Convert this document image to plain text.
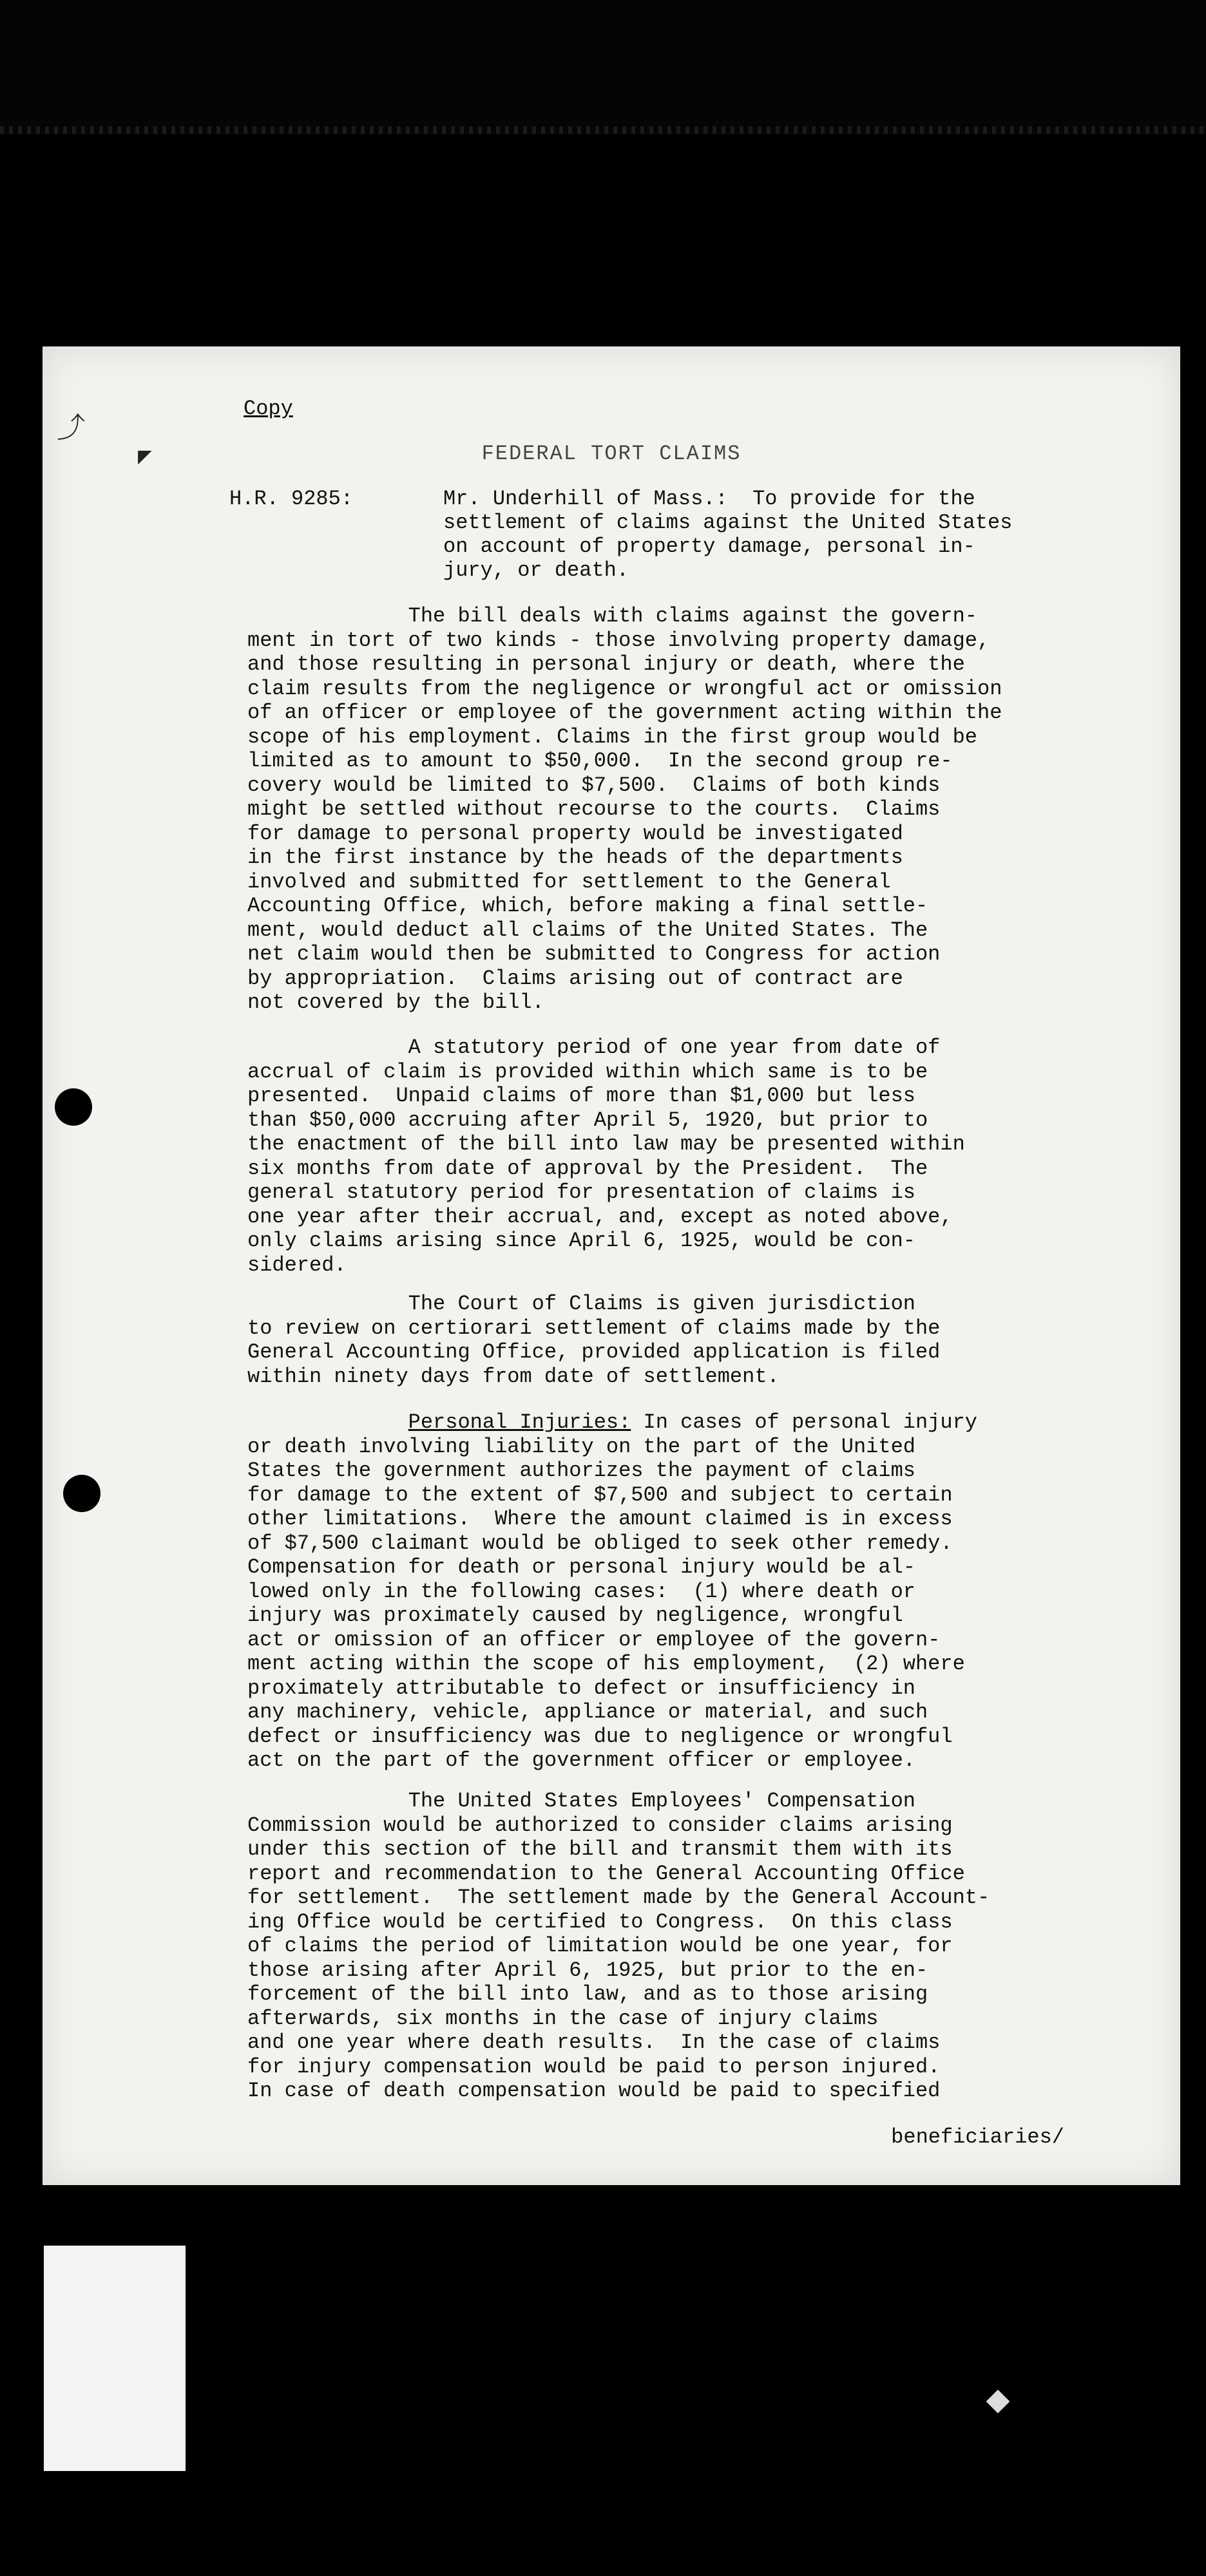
⤴
◤
Copy
FEDERAL TORT CLAIMS
H.R. 9285:	Mr. Underhill of Mass.:  To provide for the
settlement of claims against the United States
on account of property damage, personal in-
jury, or death.
The bill deals with claims against the govern-
ment in tort of two kinds - those involving property damage,
and those resulting in personal injury or death, where the
claim results from the negligence or wrongful act or omission
of an officer or employee of the government acting within the
scope of his employment. Claims in the first group would be
limited as to amount to $50,000.  In the second group re-
covery would be limited to $7,500.  Claims of both kinds
might be settled without recourse to the courts.  Claims
for damage to personal property would be investigated
in the first instance by the heads of the departments
involved and submitted for settlement to the General
Accounting Office, which, before making a final settle-
ment, would deduct all claims of the United States. The
net claim would then be submitted to Congress for action
by appropriation.  Claims arising out of contract are
not covered by the bill.
A statutory period of one year from date of
accrual of claim is provided within which same is to be
presented.  Unpaid claims of more than $1,000 but less
than $50,000 accruing after April 5, 1920, but prior to
the enactment of the bill into law may be presented within
six months from date of approval by the President.  The
general statutory period for presentation of claims is
one year after their accrual, and, except as noted above,
only claims arising since April 6, 1925, would be con-
sidered.
The Court of Claims is given jurisdiction
to review on certiorari settlement of claims made by the
General Accounting Office, provided application is filed
within ninety days from date of settlement.
Personal Injuries: In cases of personal injury
or death involving liability on the part of the United
States the government authorizes the payment of claims
for damage to the extent of $7,500 and subject to certain
other limitations.  Where the amount claimed is in excess
of $7,500 claimant would be obliged to seek other remedy.
Compensation for death or personal injury would be al-
lowed only in the following cases:  (1) where death or
injury was proximately caused by negligence, wrongful
act or omission of an officer or employee of the govern-
ment acting within the scope of his employment,  (2) where
proximately attributable to defect or insufficiency in
any machinery, vehicle, appliance or material, and such
defect or insufficiency was due to negligence or wrongful
act on the part of the government officer or employee.
The United States Employees' Compensation
Commission would be authorized to consider claims arising
under this section of the bill and transmit them with its
report and recommendation to the General Accounting Office
for settlement.  The settlement made by the General Account-
ing Office would be certified to Congress.  On this class
of claims the period of limitation would be one year, for
those arising after April 6, 1925, but prior to the en-
forcement of the bill into law, and as to those arising
afterwards, six months in the case of injury claims
and one year where death results.  In the case of claims
for injury compensation would be paid to person injured.
In case of death compensation would be paid to specified
beneficiaries/
